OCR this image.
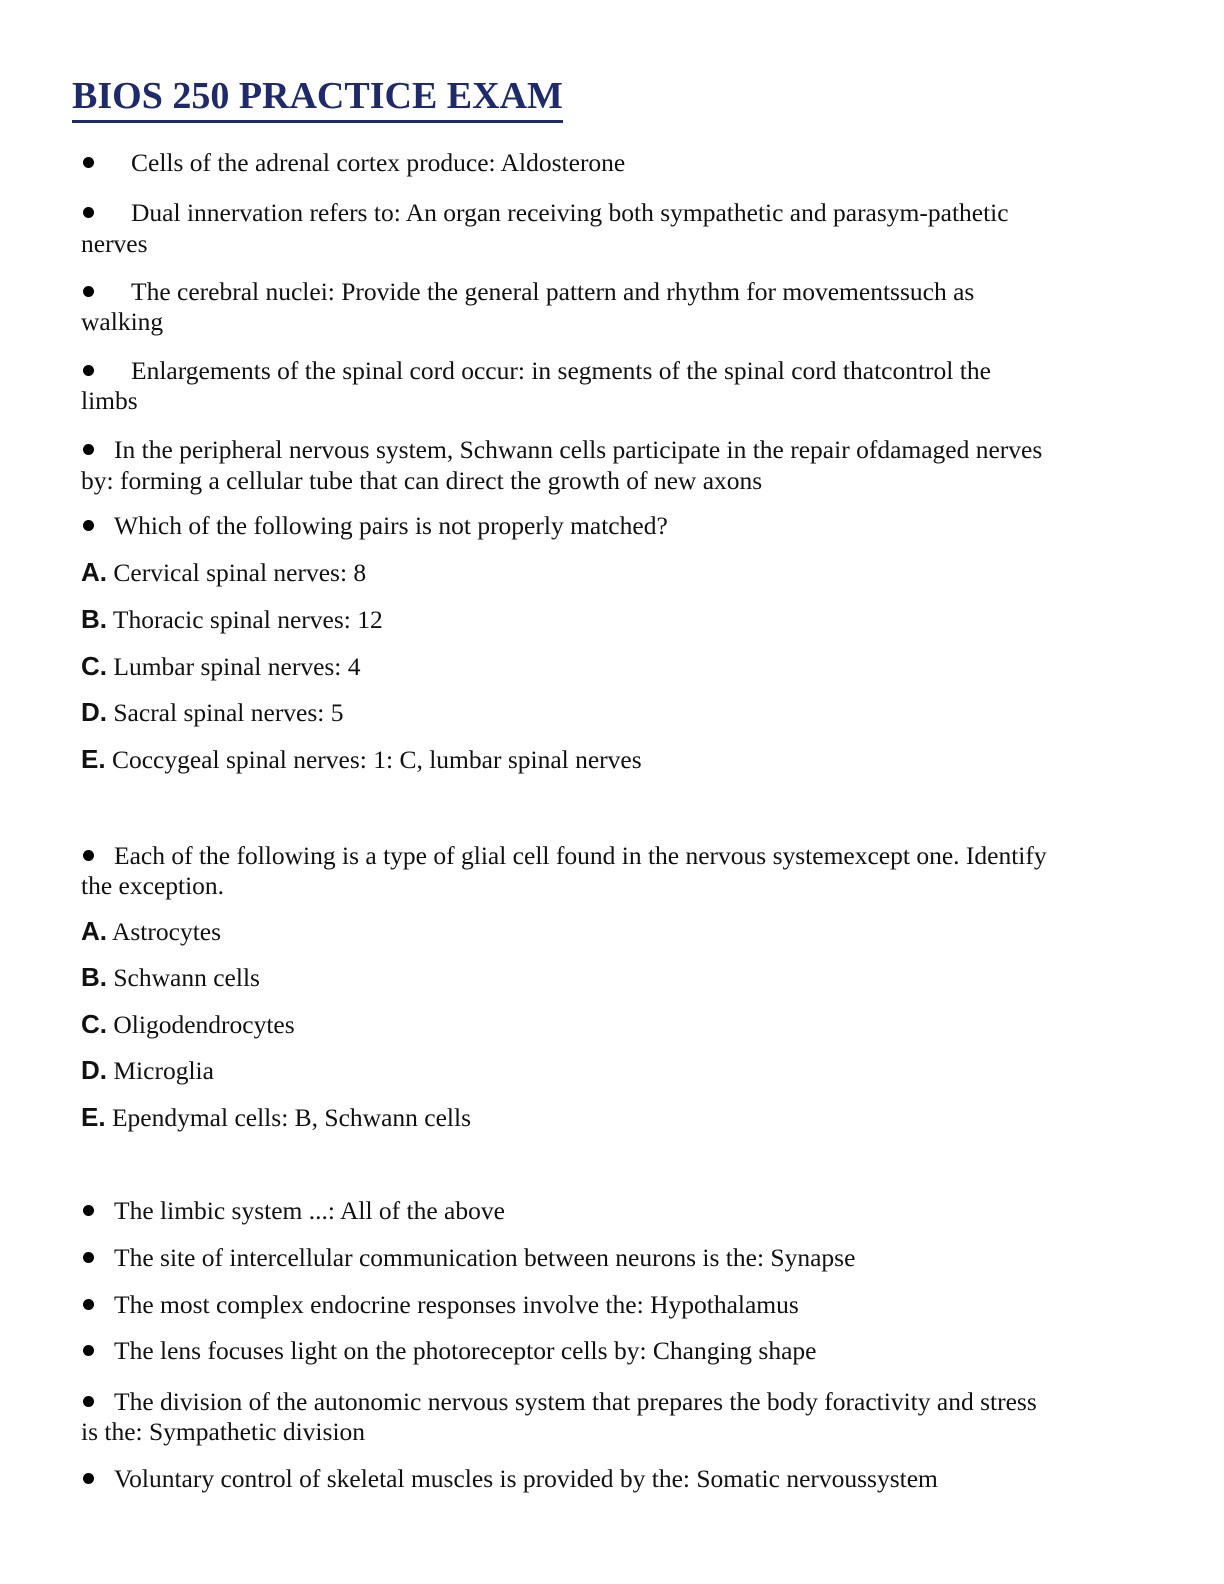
BIOS 250 PRACTICE EXAM
Cells of the adrenal cortex produce: Aldosterone
Dual innervation refers to: An organ receiving both sympathetic and parasym-pathetic
nerves
The cerebral nuclei: Provide the general pattern and rhythm for movementssuch as
walking
Enlargements of the spinal cord occur: in segments of the spinal cord thatcontrol the
limbs
In the peripheral nervous system, Schwann cells participate in the repair ofdamaged nerves
by: forming a cellular tube that can direct the growth of new axons
Which of the following pairs is not properly matched?
A. Cervical spinal nerves: 8
B. Thoracic spinal nerves: 12
C. Lumbar spinal nerves: 4
D. Sacral spinal nerves: 5
E. Coccygeal spinal nerves: 1: C, lumbar spinal nerves
Each of the following is a type of glial cell found in the nervous systemexcept one. Identify
the exception.
A. Astrocytes
B. Schwann cells
C. Oligodendrocytes
D. Microglia
E. Ependymal cells: B, Schwann cells
The limbic system ...: All of the above
The site of intercellular communication between neurons is the: Synapse
The most complex endocrine responses involve the: Hypothalamus
The lens focuses light on the photoreceptor cells by: Changing shape
The division of the autonomic nervous system that prepares the body foractivity and stress
is the: Sympathetic division
Voluntary control of skeletal muscles is provided by the: Somatic nervoussystem
